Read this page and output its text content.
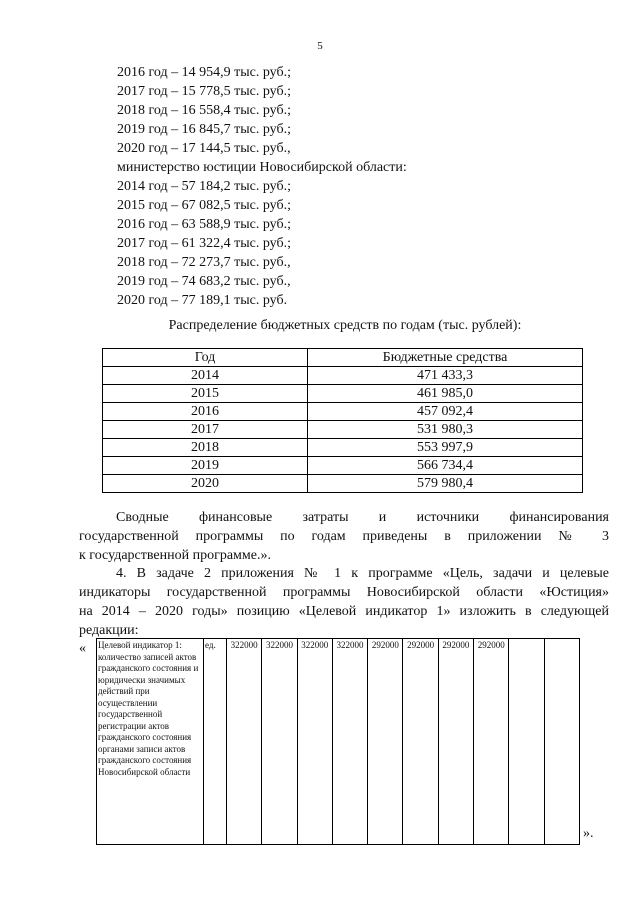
5
2016 год – 14 954,9 тыс. руб.;
2017 год – 15 778,5 тыс. руб.;
2018 год – 16 558,4 тыс. руб.;
2019 год – 16 845,7 тыс. руб.;
2020 год – 17 144,5 тыс. руб.,
министерство юстиции Новосибирской области:
2014 год – 57 184,2 тыс. руб.;
2015 год – 67 082,5 тыс. руб.;
2016 год – 63 588,9 тыс. руб.;
2017 год – 61 322,4 тыс. руб.;
2018 год – 72 273,7 тыс. руб.,
2019 год – 74 683,2 тыс. руб.,
2020 год – 77 189,1 тыс. руб.
Распределение бюджетных средств по годам (тыс. рублей):
Год	Бюджетные средства
2014	471 433,3
2015	461 985,0
2016	457 092,4
2017	531 980,3
2018	553 997,9
2019	566 734,4
2020	579 980,4
Сводные финансовые затраты и источники финансирования
государственной программы по годам приведены в приложении № 3
к государственной программе.».
4. В задаче 2 приложения № 1 к программе «Цель, задачи и целевые
индикаторы государственной программы Новосибирской области «Юстиция»
на 2014 – 2020 годы» позицию «Целевой индикатор 1» изложить в следующей
редакции:
« Целевой индикатор 1: количество записей актов гражданского состояния и юридически значимых действий при осуществлении государственной регистрации актов гражданского состояния органами записи актов гражданского состояния Новосибирской области	ед.	322000	322000	322000	322000	292000	292000	292000	292000		
».
